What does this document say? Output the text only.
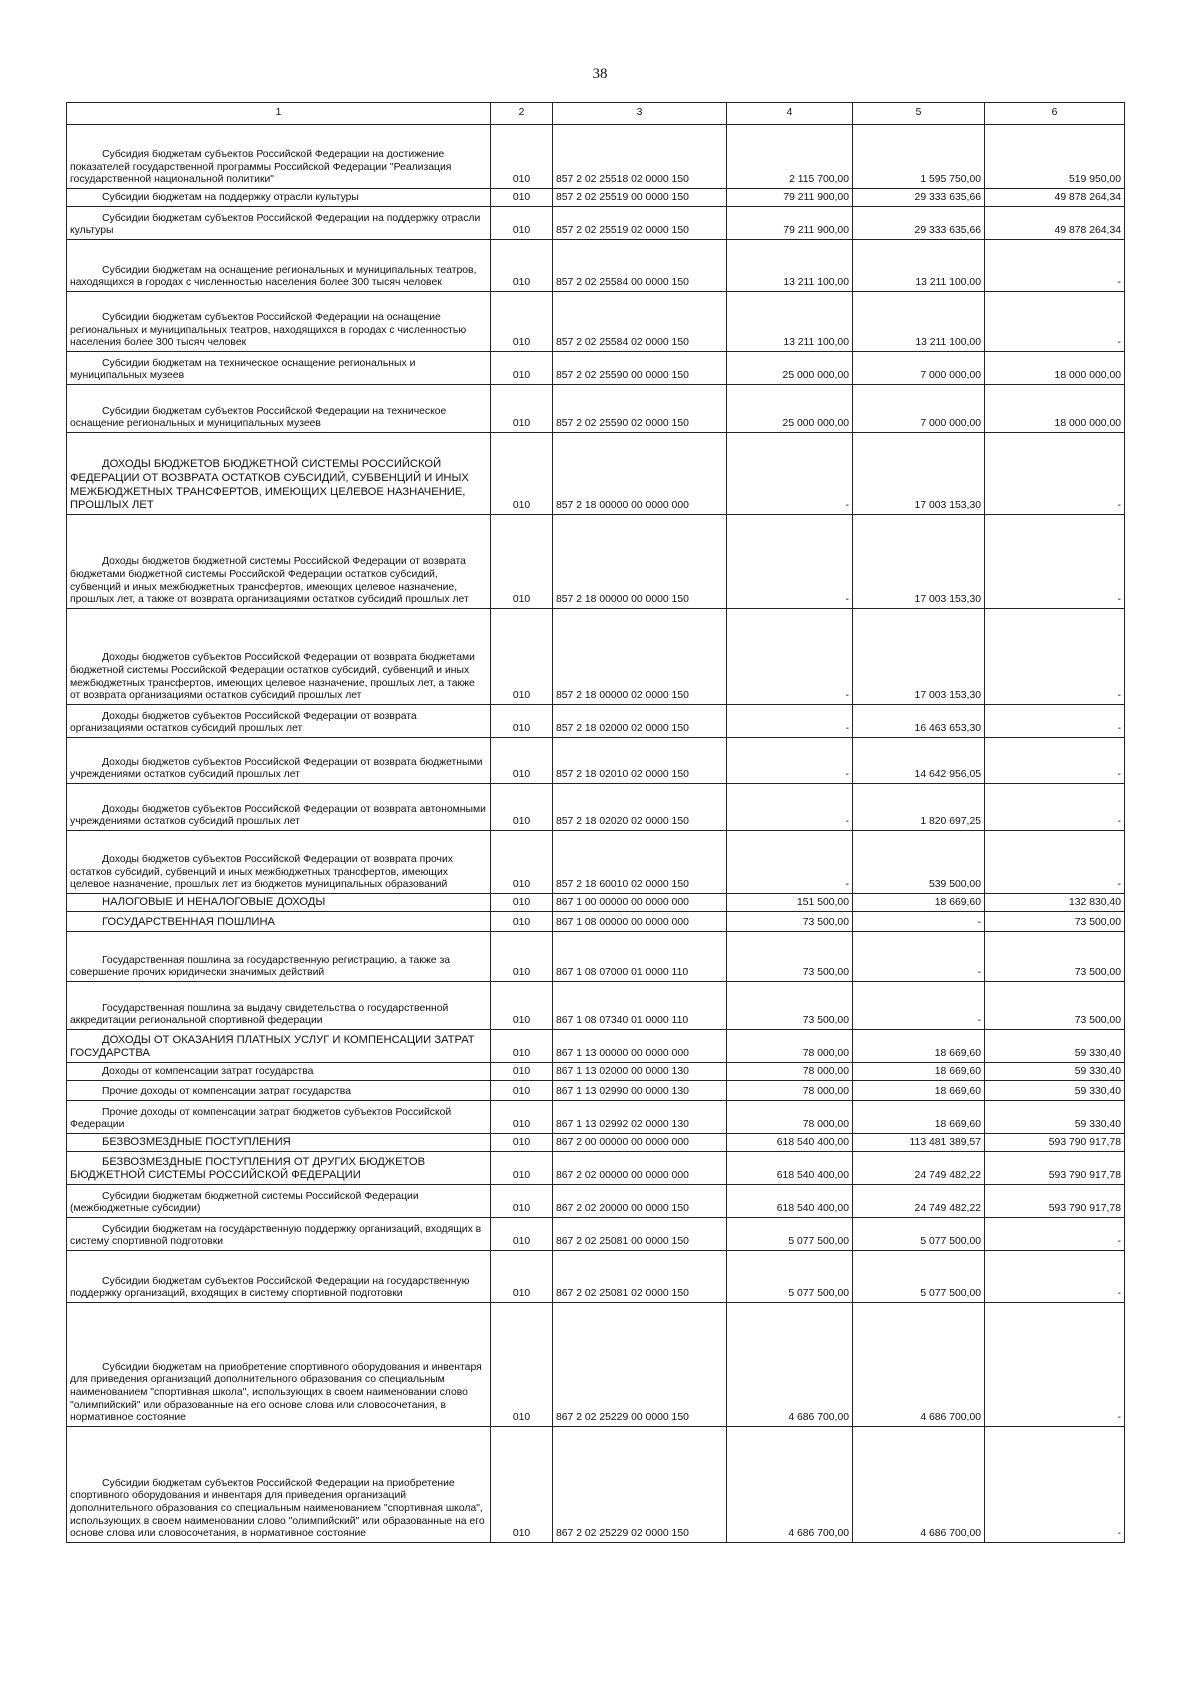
38
1	2	3	4	5	6
Субсидия бюджетам субъектов Российской Федерации на достижение показателей государственной программы Российской Федерации "Реализация государственной национальной политики"	010	857 2 02 25518 02 0000 150	2 115 700,00	1 595 750,00	519 950,00
Субсидии бюджетам на поддержку отрасли культуры	010	857 2 02 25519 00 0000 150	79 211 900,00	29 333 635,66	49 878 264,34
Субсидии бюджетам субъектов Российской Федерации на поддержку отрасли культуры	010	857 2 02 25519 02 0000 150	79 211 900,00	29 333 635,66	49 878 264,34
Субсидии бюджетам на оснащение региональных и муниципальных театров, находящихся в городах с численностью населения более 300 тысяч человек	010	857 2 02 25584 00 0000 150	13 211 100,00	13 211 100,00	-
Субсидии бюджетам субъектов Российской Федерации на оснащение региональных и муниципальных театров, находящихся в городах с численностью населения более 300 тысяч человек	010	857 2 02 25584 02 0000 150	13 211 100,00	13 211 100,00	-
Субсидии бюджетам на техническое оснащение региональных и муниципальных музеев	010	857 2 02 25590 00 0000 150	25 000 000,00	7 000 000,00	18 000 000,00
Субсидии бюджетам субъектов Российской Федерации на техническое оснащение региональных и муниципальных музеев	010	857 2 02 25590 02 0000 150	25 000 000,00	7 000 000,00	18 000 000,00
ДОХОДЫ БЮДЖЕТОВ БЮДЖЕТНОЙ СИСТЕМЫ РОССИЙСКОЙ ФЕДЕРАЦИИ ОТ ВОЗВРАТА ОСТАТКОВ СУБСИДИЙ, СУБВЕНЦИЙ И ИНЫХ МЕЖБЮДЖЕТНЫХ ТРАНСФЕРТОВ, ИМЕЮЩИХ ЦЕЛЕВОЕ НАЗНАЧЕНИЕ, ПРОШЛЫХ ЛЕТ	010	857 2 18 00000 00 0000 000	-	17 003 153,30	-
Доходы бюджетов бюджетной системы Российской Федерации от возврата бюджетами бюджетной системы Российской Федерации остатков субсидий, субвенций и иных межбюджетных трансфертов, имеющих целевое назначение, прошлых лет, а также от возврата организациями остатков субсидий прошлых лет	010	857 2 18 00000 00 0000 150	-	17 003 153,30	-
Доходы бюджетов субъектов Российской Федерации от возврата бюджетами бюджетной системы Российской Федерации остатков субсидий, субвенций и иных межбюджетных трансфертов, имеющих целевое назначение, прошлых лет, а также от возврата организациями остатков субсидий прошлых лет	010	857 2 18 00000 02 0000 150	-	17 003 153,30	-
Доходы бюджетов субъектов Российской Федерации от возврата организациями остатков субсидий прошлых лет	010	857 2 18 02000 02 0000 150	-	16 463 653,30	-
Доходы бюджетов субъектов Российской Федерации от возврата бюджетными учреждениями остатков субсидий прошлых лет	010	857 2 18 02010 02 0000 150	-	14 642 956,05	-
Доходы бюджетов субъектов Российской Федерации от возврата автономными учреждениями остатков субсидий прошлых лет	010	857 2 18 02020 02 0000 150	-	1 820 697,25	-
Доходы бюджетов субъектов Российской Федерации от возврата прочих остатков субсидий, субвенций и иных межбюджетных трансфертов, имеющих целевое назначение, прошлых лет из бюджетов муниципальных образований	010	857 2 18 60010 02 0000 150	-	539 500,00	-
НАЛОГОВЫЕ И НЕНАЛОГОВЫЕ ДОХОДЫ	010	867 1 00 00000 00 0000 000	151 500,00	18 669,60	132 830,40
ГОСУДАРСТВЕННАЯ ПОШЛИНА	010	867 1 08 00000 00 0000 000	73 500,00	-	73 500,00
Государственная пошлина за государственную регистрацию, а также за совершение прочих юридически значимых действий	010	867 1 08 07000 01 0000 110	73 500,00	-	73 500,00
Государственная пошлина за выдачу свидетельства о государственной аккредитации региональной спортивной федерации	010	867 1 08 07340 01 0000 110	73 500,00	-	73 500,00
ДОХОДЫ ОТ ОКАЗАНИЯ ПЛАТНЫХ УСЛУГ И КОМПЕНСАЦИИ ЗАТРАТ ГОСУДАРСТВА	010	867 1 13 00000 00 0000 000	78 000,00	18 669,60	59 330,40
Доходы от компенсации затрат государства	010	867 1 13 02000 00 0000 130	78 000,00	18 669,60	59 330,40
Прочие доходы от компенсации затрат государства	010	867 1 13 02990 00 0000 130	78 000,00	18 669,60	59 330,40
Прочие доходы от компенсации затрат бюджетов субъектов Российской Федерации	010	867 1 13 02992 02 0000 130	78 000,00	18 669,60	59 330,40
БЕЗВОЗМЕЗДНЫЕ ПОСТУПЛЕНИЯ	010	867 2 00 00000 00 0000 000	618 540 400,00	113 481 389,57	593 790 917,78
БЕЗВОЗМЕЗДНЫЕ ПОСТУПЛЕНИЯ ОТ ДРУГИХ БЮДЖЕТОВ БЮДЖЕТНОЙ СИСТЕМЫ РОССИЙСКОЙ ФЕДЕРАЦИИ	010	867 2 02 00000 00 0000 000	618 540 400,00	24 749 482,22	593 790 917,78
Субсидии бюджетам бюджетной системы Российской Федерации (межбюджетные субсидии)	010	867 2 02 20000 00 0000 150	618 540 400,00	24 749 482,22	593 790 917,78
Субсидии бюджетам на государственную поддержку организаций, входящих в систему спортивной подготовки	010	867 2 02 25081 00 0000 150	5 077 500,00	5 077 500,00	-
Субсидии бюджетам субъектов Российской Федерации на государственную поддержку организаций, входящих в систему спортивной подготовки	010	867 2 02 25081 02 0000 150	5 077 500,00	5 077 500,00	-
Субсидии бюджетам на приобретение спортивного оборудования и инвентаря для приведения организаций дополнительного образования со специальным наименованием "спортивная школа", использующих в своем наименовании слово "олимпийский" или образованные на его основе слова или словосочетания, в нормативное состояние	010	867 2 02 25229 00 0000 150	4 686 700,00	4 686 700,00	-
Субсидии бюджетам субъектов Российской Федерации на приобретение спортивного оборудования и инвентаря для приведения организаций дополнительного образования со специальным наименованием "спортивная школа", использующих в своем наименовании слово "олимпийский" или образованные на его основе слова или словосочетания, в нормативное состояние	010	867 2 02 25229 02 0000 150	4 686 700,00	4 686 700,00	-
